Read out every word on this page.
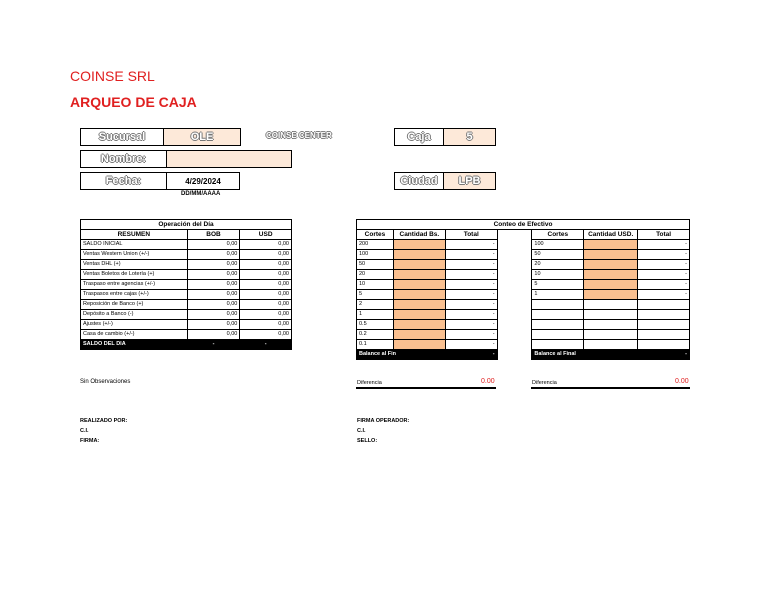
COINSE SRL
ARQUEO DE CAJA
Sucursal	OLE	COINSE CENTER	Caja	5
Nombre:
Fecha:	4/29/2024
DD/MM/AAAA
Ciudad	LPB
Operación del Día		
RESUMEN	BOB	USD
SALDO INICIAL	0,00	0,00
Ventas Western Union (+/-)	0,00	0,00
Ventas DHL (+)	0,00	0,00
Ventas Boletos de Lotería (+)	0,00	0,00
Traspaso entre agencias (+/-)	0,00	0,00
Traspasos entre cajas (+/-)	0,00	0,00
Reposición de Banco (+)	0,00	0,00
Depósito a Banco (-)	0,00	0,00
Ajustes (+/-)	0,00	0,00
Casa de cambio (+/-)	0,00	0,00
SALDO DEL DIA	-	-
Conteo de Efectivo						
Cortes	Cantidad Bs.	Total		Cortes	Cantidad USD.	Total
200		-		100		-
100		-		50		-
50		-		20		-
20		-		10		-
10		-		5		-
5		-		1		-
2		-				
1		-				
0.5		-				
0.2		-				
0.1		-				
Balance al Fin		-		Balance al Final		-
Sin Observaciones	Diferencia	0.00	Diferencia	0.00
REALIZADO POR:
C.I.
FIRMA:
FIRMA OPERADOR:
C.I.
SELLO:
